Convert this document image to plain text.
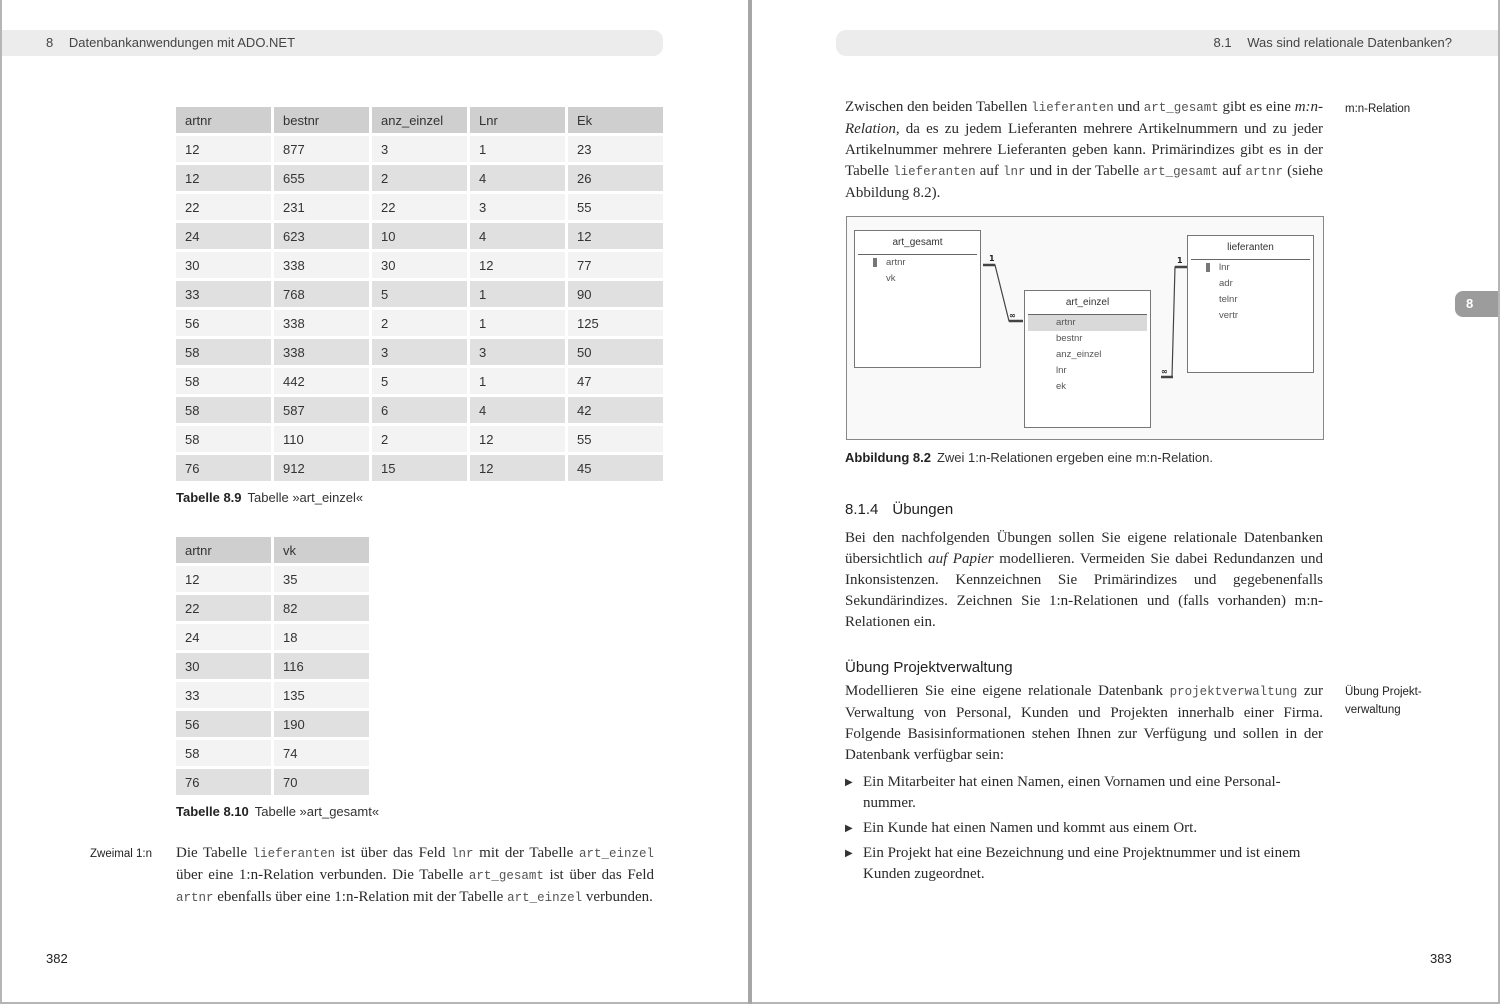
8 Datenbankanwendungen mit ADO.NET
artnr	bestnr	anz_einzel	Lnr	Ek
12	877	3	1	23
12	655	2	4	26
22	231	22	3	55
24	623	10	4	12
30	338	30	12	77
33	768	5	1	90
56	338	2	1	125
58	338	3	3	50
58	442	5	1	47
58	587	6	4	42
58	110	2	12	55
76	912	15	12	45
Tabelle 8.9 Tabelle »art_einzel«
artnr	vk
12	35
22	82
24	18
30	116
33	135
56	190
58	74
76	70
Tabelle 8.10 Tabelle »art_gesamt«
Zweimal 1:n Die Tabelle lieferanten ist über das Feld lnr mit der Tabelle art_einzel über eine 1:n-Relation verbunden. Die Tabelle art_gesamt ist über das Feld artnr ebenfalls über eine 1:n-Relation mit der Tabelle art_einzel verbunden.
382
8.1 Was sind relationale Datenbanken?
8
Zwischen den beiden Tabellen lieferanten und art_gesamt gibt es eine m:n-Relation, da es zu jedem Lieferanten mehrere Artikelnummern und zu jeder Artikelnummer mehrere Lieferanten geben kann. Primärindizes gibt es in der Tabelle lieferanten auf lnr und in der Tabelle art_gesamt auf artnr (siehe Abbildung 8.2).
m:n-Relation
1
∞
1
∞
art_gesamt
artnr
vk
art_einzel
artnr
bestnr
anz_einzel
lnr
ek
lieferanten
lnr
adr
telnr
vertr
Abbildung 8.2 Zwei 1:n-Relationen ergeben eine m:n-Relation.
8.1.4 Übungen
Bei den nachfolgenden Übungen sollen Sie eigene relationale Datenbanken übersichtlich auf Papier modellieren. Vermeiden Sie dabei Redundanzen und Inkonsistenzen. Kennzeichnen Sie Primärindizes und gegebenenfalls Sekundärindizes. Zeichnen Sie 1:n-Relationen und (falls vorhanden) m:n-Relationen ein.
Übung Projektverwaltung
Modellieren Sie eine eigene relationale Datenbank projektverwaltung zur Verwaltung von Personal, Kunden und Projekten innerhalb einer Firma. Folgende Basisinformationen stehen Ihnen zur Verfügung und sollen in der Datenbank verfügbar sein:
Übung Projekt-verwaltung
▶ Ein Mitarbeiter hat einen Namen, einen Vornamen und eine Personal-nummer.
▶ Ein Kunde hat einen Namen und kommt aus einem Ort.
▶ Ein Projekt hat eine Bezeichnung und eine Projektnummer und ist einem Kunden zugeordnet.
383
